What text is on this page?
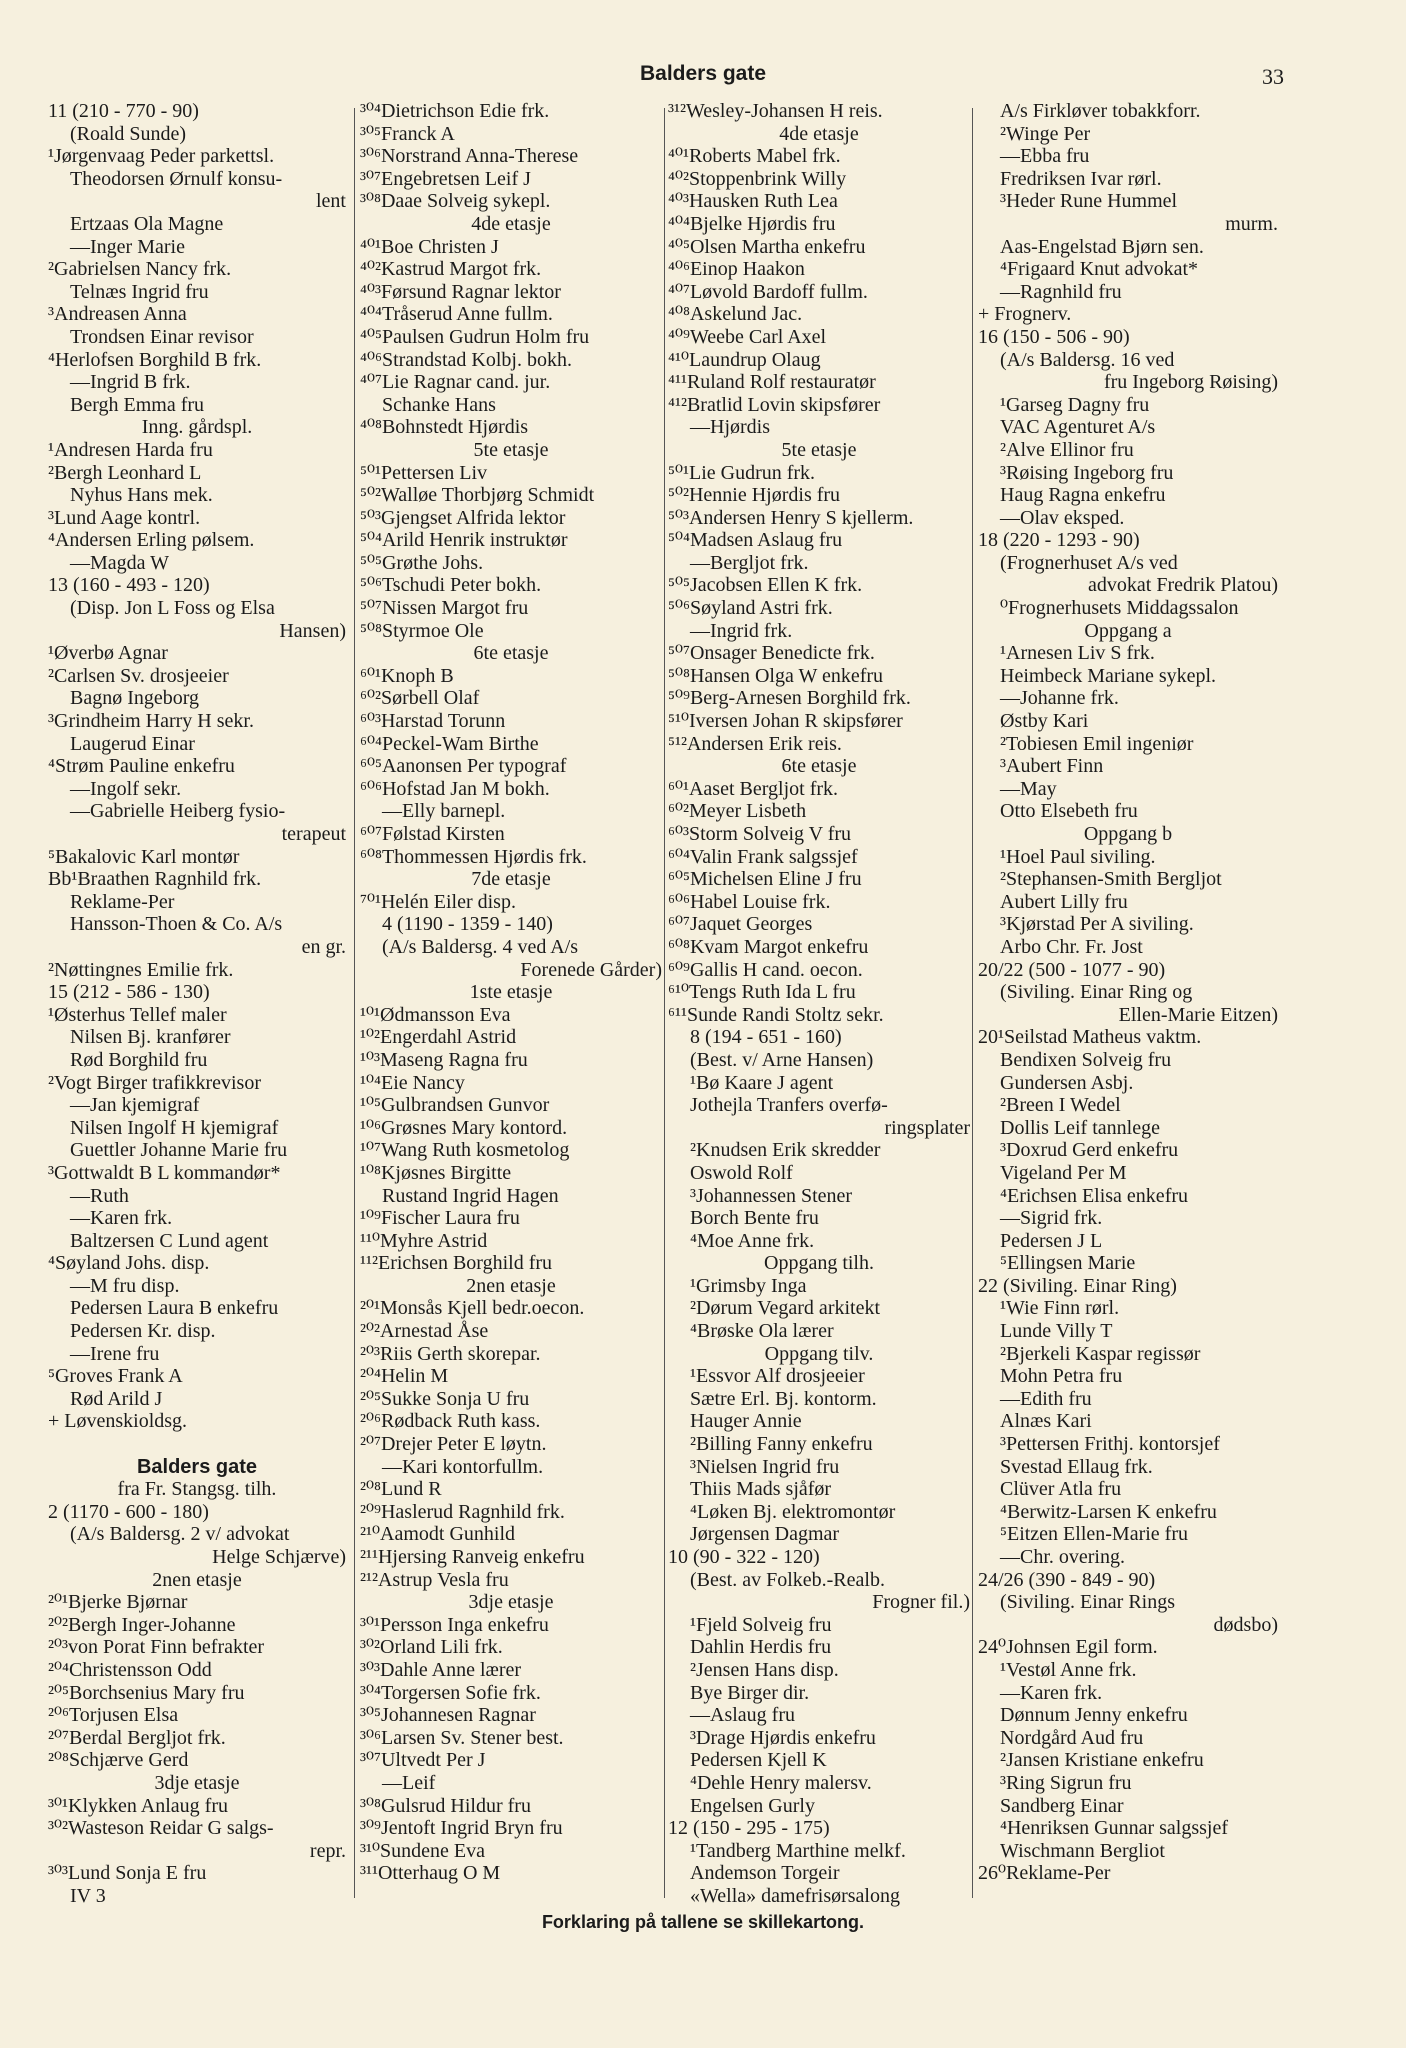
Balders gate	33
11 (210 - 770 - 90)
(Roald Sunde)
¹Jørgenvaag Peder parkettsl.
Theodorsen Ørnulf konsu-
lent
Ertzaas Ola Magne
—Inger Marie
²Gabrielsen Nancy frk.
Telnæs Ingrid fru
³Andreasen Anna
Trondsen Einar revisor
⁴Herlofsen Borghild B frk.
—Ingrid B frk.
Bergh Emma fru
Inng. gårdspl.
¹Andresen Harda fru
²Bergh Leonhard L
Nyhus Hans mek.
³Lund Aage kontrl.
⁴Andersen Erling pølsem.
—Magda W
13 (160 - 493 - 120)
(Disp. Jon L Foss og Elsa
Hansen)
¹Øverbø Agnar
²Carlsen Sv. drosjeeier
Bagnø Ingeborg
³Grindheim Harry H sekr.
Laugerud Einar
⁴Strøm Pauline enkefru
—Ingolf sekr.
—Gabrielle Heiberg fysio-
terapeut
⁵Bakalovic Karl montør
Bb¹Braathen Ragnhild frk.
Reklame-Per
Hansson-Thoen & Co. A/s
en gr.
²Nøttingnes Emilie frk.
15 (212 - 586 - 130)
¹Østerhus Tellef maler
Nilsen Bj. kranfører
Rød Borghild fru
²Vogt Birger trafikkrevisor
—Jan kjemigraf
Nilsen Ingolf H kjemigraf
Guettler Johanne Marie fru
³Gottwaldt B L kommandør*
—Ruth
—Karen frk.
Baltzersen C Lund agent
⁴Søyland Johs. disp.
—M fru disp.
Pedersen Laura B enkefru
Pedersen Kr. disp.
—Irene fru
⁵Groves Frank A
Rød Arild J
+ Løvenskioldsg.
Balders gate
fra Fr. Stangsg. tilh.
2 (1170 - 600 - 180)
(A/s Baldersg. 2 v/ advokat
Helge Schjærve)
2nen etasje
²⁰¹Bjerke Bjørnar
²⁰²Bergh Inger-Johanne
²⁰³von Porat Finn befrakter
²⁰⁴Christensson Odd
²⁰⁵Borchsenius Mary fru
²⁰⁶Torjusen Elsa
²⁰⁷Berdal Bergljot frk.
²⁰⁸Schjærve Gerd
3dje etasje
³⁰¹Klykken Anlaug fru
³⁰²Wasteson Reidar G salgs-
repr.
³⁰³Lund Sonja E fru
IV 3
³⁰⁴Dietrichson Edie frk.
³⁰⁵Franck A
³⁰⁶Norstrand Anna-Therese
³⁰⁷Engebretsen Leif J
³⁰⁸Daae Solveig sykepl.
4de etasje
⁴⁰¹Boe Christen J
⁴⁰²Kastrud Margot frk.
⁴⁰³Førsund Ragnar lektor
⁴⁰⁴Tråserud Anne fullm.
⁴⁰⁵Paulsen Gudrun Holm fru
⁴⁰⁶Strandstad Kolbj. bokh.
⁴⁰⁷Lie Ragnar cand. jur.
Schanke Hans
⁴⁰⁸Bohnstedt Hjørdis
5te etasje
⁵⁰¹Pettersen Liv
⁵⁰²Walløe Thorbjørg Schmidt
⁵⁰³Gjengset Alfrida lektor
⁵⁰⁴Arild Henrik instruktør
⁵⁰⁵Grøthe Johs.
⁵⁰⁶Tschudi Peter bokh.
⁵⁰⁷Nissen Margot fru
⁵⁰⁸Styrmoe Ole
6te etasje
⁶⁰¹Knoph B
⁶⁰²Sørbell Olaf
⁶⁰³Harstad Torunn
⁶⁰⁴Peckel-Wam Birthe
⁶⁰⁵Aanonsen Per typograf
⁶⁰⁶Hofstad Jan M bokh.
—Elly barnepl.
⁶⁰⁷Følstad Kirsten
⁶⁰⁸Thommessen Hjørdis frk.
7de etasje
⁷⁰¹Helén Eiler disp.
4 (1190 - 1359 - 140)
(A/s Baldersg. 4 ved A/s
Forenede Gårder)
1ste etasje
¹⁰¹Ødmansson Eva
¹⁰²Engerdahl Astrid
¹⁰³Maseng Ragna fru
¹⁰⁴Eie Nancy
¹⁰⁵Gulbrandsen Gunvor
¹⁰⁶Grøsnes Mary kontord.
¹⁰⁷Wang Ruth kosmetolog
¹⁰⁸Kjøsnes Birgitte
Rustand Ingrid Hagen
¹⁰⁹Fischer Laura fru
¹¹⁰Myhre Astrid
¹¹²Erichsen Borghild fru
2nen etasje
²⁰¹Monsås Kjell bedr.oecon.
²⁰²Arnestad Åse
²⁰³Riis Gerth skorepar.
²⁰⁴Helin M
²⁰⁵Sukke Sonja U fru
²⁰⁶Rødback Ruth kass.
²⁰⁷Drejer Peter E løytn.
—Kari kontorfullm.
²⁰⁸Lund R
²⁰⁹Haslerud Ragnhild frk.
²¹⁰Aamodt Gunhild
²¹¹Hjersing Ranveig enkefru
²¹²Astrup Vesla fru
3dje etasje
³⁰¹Persson Inga enkefru
³⁰²Orland Lili frk.
³⁰³Dahle Anne lærer
³⁰⁴Torgersen Sofie frk.
³⁰⁵Johannesen Ragnar
³⁰⁶Larsen Sv. Stener best.
³⁰⁷Ultvedt Per J
—Leif
³⁰⁸Gulsrud Hildur fru
³⁰⁹Jentoft Ingrid Bryn fru
³¹⁰Sundene Eva
³¹¹Otterhaug O M
³¹²Wesley-Johansen H reis.
4de etasje
⁴⁰¹Roberts Mabel frk.
⁴⁰²Stoppenbrink Willy
⁴⁰³Hausken Ruth Lea
⁴⁰⁴Bjelke Hjørdis fru
⁴⁰⁵Olsen Martha enkefru
⁴⁰⁶Einop Haakon
⁴⁰⁷Løvold Bardoff fullm.
⁴⁰⁸Askelund Jac.
⁴⁰⁹Weebe Carl Axel
⁴¹⁰Laundrup Olaug
⁴¹¹Ruland Rolf restauratør
⁴¹²Bratlid Lovin skipsfører
—Hjørdis
5te etasje
⁵⁰¹Lie Gudrun frk.
⁵⁰²Hennie Hjørdis fru
⁵⁰³Andersen Henry S kjellerm.
⁵⁰⁴Madsen Aslaug fru
—Bergljot frk.
⁵⁰⁵Jacobsen Ellen K frk.
⁵⁰⁶Søyland Astri frk.
—Ingrid frk.
⁵⁰⁷Onsager Benedicte frk.
⁵⁰⁸Hansen Olga W enkefru
⁵⁰⁹Berg-Arnesen Borghild frk.
⁵¹⁰Iversen Johan R skipsfører
⁵¹²Andersen Erik reis.
6te etasje
⁶⁰¹Aaset Bergljot frk.
⁶⁰²Meyer Lisbeth
⁶⁰³Storm Solveig V fru
⁶⁰⁴Valin Frank salgssjef
⁶⁰⁵Michelsen Eline J fru
⁶⁰⁶Habel Louise frk.
⁶⁰⁷Jaquet Georges
⁶⁰⁸Kvam Margot enkefru
⁶⁰⁹Gallis H cand. oecon.
⁶¹⁰Tengs Ruth Ida L fru
⁶¹¹Sunde Randi Stoltz sekr.
8 (194 - 651 - 160)
(Best. v/ Arne Hansen)
¹Bø Kaare J agent
Jothejla Tranfers overfø-
ringsplater
²Knudsen Erik skredder
Oswold Rolf
³Johannessen Stener
Borch Bente fru
⁴Moe Anne frk.
Oppgang tilh.
¹Grimsby Inga
²Dørum Vegard arkitekt
⁴Brøske Ola lærer
Oppgang tilv.
¹Essvor Alf drosjeeier
Sætre Erl. Bj. kontorm.
Hauger Annie
²Billing Fanny enkefru
³Nielsen Ingrid fru
Thiis Mads sjåfør
⁴Løken Bj. elektromontør
Jørgensen Dagmar
10 (90 - 322 - 120)
(Best. av Folkeb.-Realb.
Frogner fil.)
¹Fjeld Solveig fru
Dahlin Herdis fru
²Jensen Hans disp.
Bye Birger dir.
—Aslaug fru
³Drage Hjørdis enkefru
Pedersen Kjell K
⁴Dehle Henry malersv.
Engelsen Gurly
12 (150 - 295 - 175)
¹Tandberg Marthine melkf.
Andemson Torgeir
«Wella» damefrisørsalong
A/s Firkløver tobakkforr.
²Winge Per
—Ebba fru
Fredriksen Ivar rørl.
³Heder Rune Hummel
murm.
Aas-Engelstad Bjørn sen.
⁴Frigaard Knut advokat*
—Ragnhild fru
+ Frognerv.
16 (150 - 506 - 90)
(A/s Baldersg. 16 ved
fru Ingeborg Røising)
¹Garseg Dagny fru
VAC Agenturet A/s
²Alve Ellinor fru
³Røising Ingeborg fru
Haug Ragna enkefru
—Olav eksped.
18 (220 - 1293 - 90)
(Frognerhuset A/s ved
advokat Fredrik Platou)
⁰Frognerhusets Middagssalon
Oppgang a
¹Arnesen Liv S frk.
Heimbeck Mariane sykepl.
—Johanne frk.
Østby Kari
²Tobiesen Emil ingeniør
³Aubert Finn
—May
Otto Elsebeth fru
Oppgang b
¹Hoel Paul siviling.
²Stephansen-Smith Bergljot
Aubert Lilly fru
³Kjørstad Per A siviling.
Arbo Chr. Fr. Jost
20/22 (500 - 1077 - 90)
(Siviling. Einar Ring og
Ellen-Marie Eitzen)
20¹Seilstad Matheus vaktm.
Bendixen Solveig fru
Gundersen Asbj.
²Breen I Wedel
Dollis Leif tannlege
³Doxrud Gerd enkefru
Vigeland Per M
⁴Erichsen Elisa enkefru
—Sigrid frk.
Pedersen J L
⁵Ellingsen Marie
22 (Siviling. Einar Ring)
¹Wie Finn rørl.
Lunde Villy T
²Bjerkeli Kaspar regissør
Mohn Petra fru
—Edith fru
Alnæs Kari
³Pettersen Frithj. kontorsjef
Svestad Ellaug frk.
Clüver Atla fru
⁴Berwitz-Larsen K enkefru
⁵Eitzen Ellen-Marie fru
—Chr. overing.
24/26 (390 - 849 - 90)
(Siviling. Einar Rings
dødsbo)
24⁰Johnsen Egil form.
¹Vestøl Anne frk.
—Karen frk.
Dønnum Jenny enkefru
Nordgård Aud fru
²Jansen Kristiane enkefru
³Ring Sigrun fru
Sandberg Einar
⁴Henriksen Gunnar salgssjef
Wischmann Bergliot
26⁰Reklame-Per
Forklaring på tallene se skillekartong.
